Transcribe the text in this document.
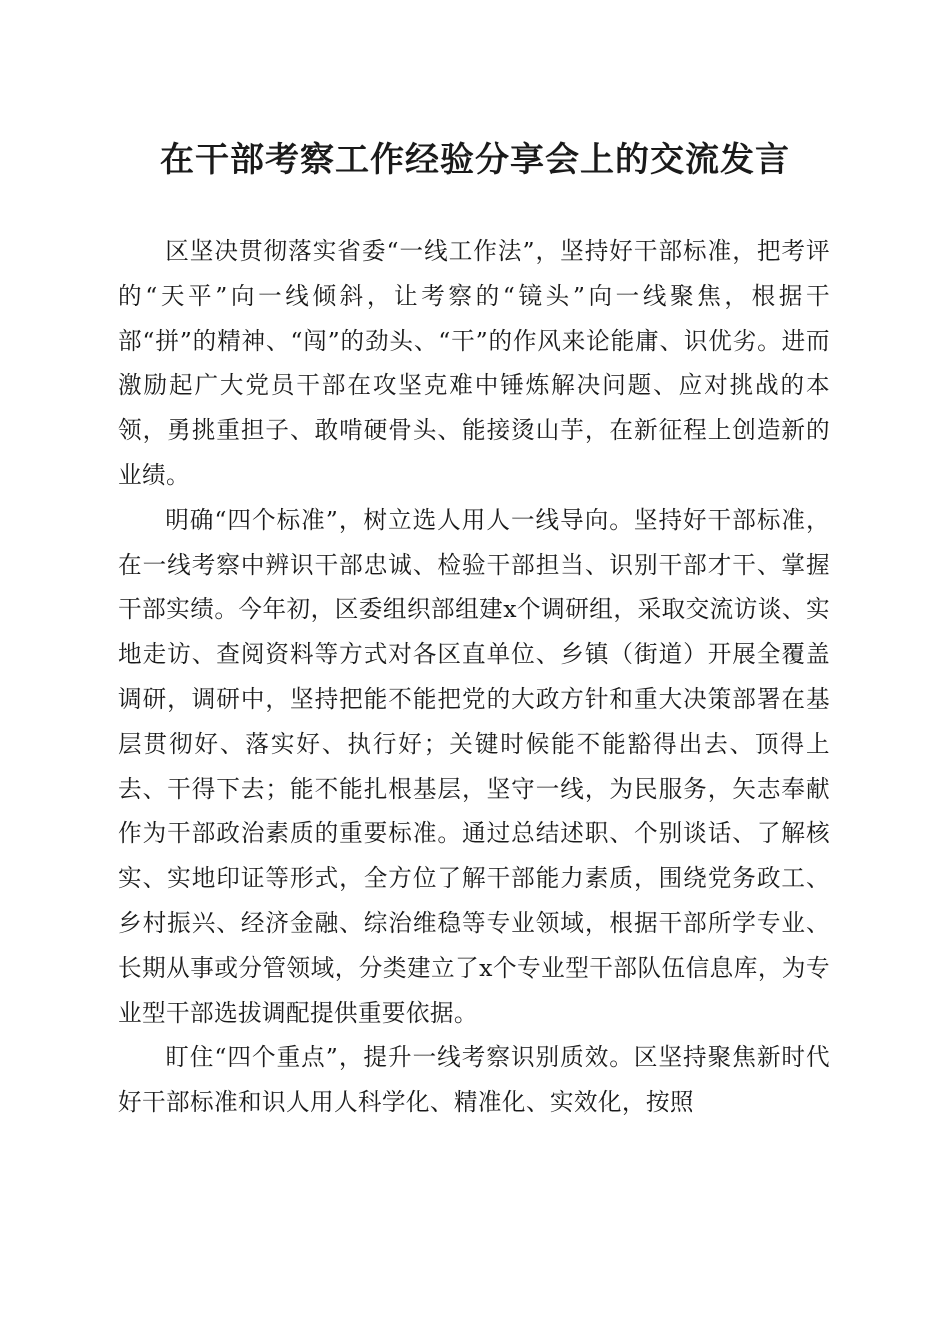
在干部考察工作经验分享会上的交流发言

区坚决贯彻落实省委“一线工作法”，坚持好干部标准，把考评的“天平”向一线倾斜，让考察的“镜头”向一线聚焦，根据干部“拼”的精神、“闯”的劲头、“干”的作风来论能庸、识优劣。进而激励起广大党员干部在攻坚克难中锤炼解决问题、应对挑战的本领，勇挑重担子、敢啃硬骨头、能接烫山芋，在新征程上创造新的业绩。

明确“四个标准”，树立选人用人一线导向。坚持好干部标准，在一线考察中辨识干部忠诚、检验干部担当、识别干部才干、掌握干部实绩。今年初，区委组织部组建x个调研组，采取交流访谈、实地走访、查阅资料等方式对各区直单位、乡镇（街道）开展全覆盖调研，调研中，坚持把能不能把党的大政方针和重大决策部署在基层贯彻好、落实好、执行好；关键时候能不能豁得出去、顶得上去、干得下去；能不能扎根基层，坚守一线，为民服务，矢志奉献作为干部政治素质的重要标准。通过总结述职、个别谈话、了解核实、实地印证等形式，全方位了解干部能力素质，围绕党务政工、乡村振兴、经济金融、综治维稳等专业领域，根据干部所学专业、长期从事或分管领域，分类建立了x个专业型干部队伍信息库，为专业型干部选拔调配提供重要依据。

盯住“四个重点”，提升一线考察识别质效。区坚持聚焦新时代好干部标准和识人用人科学化、精准化、实效化，按照
